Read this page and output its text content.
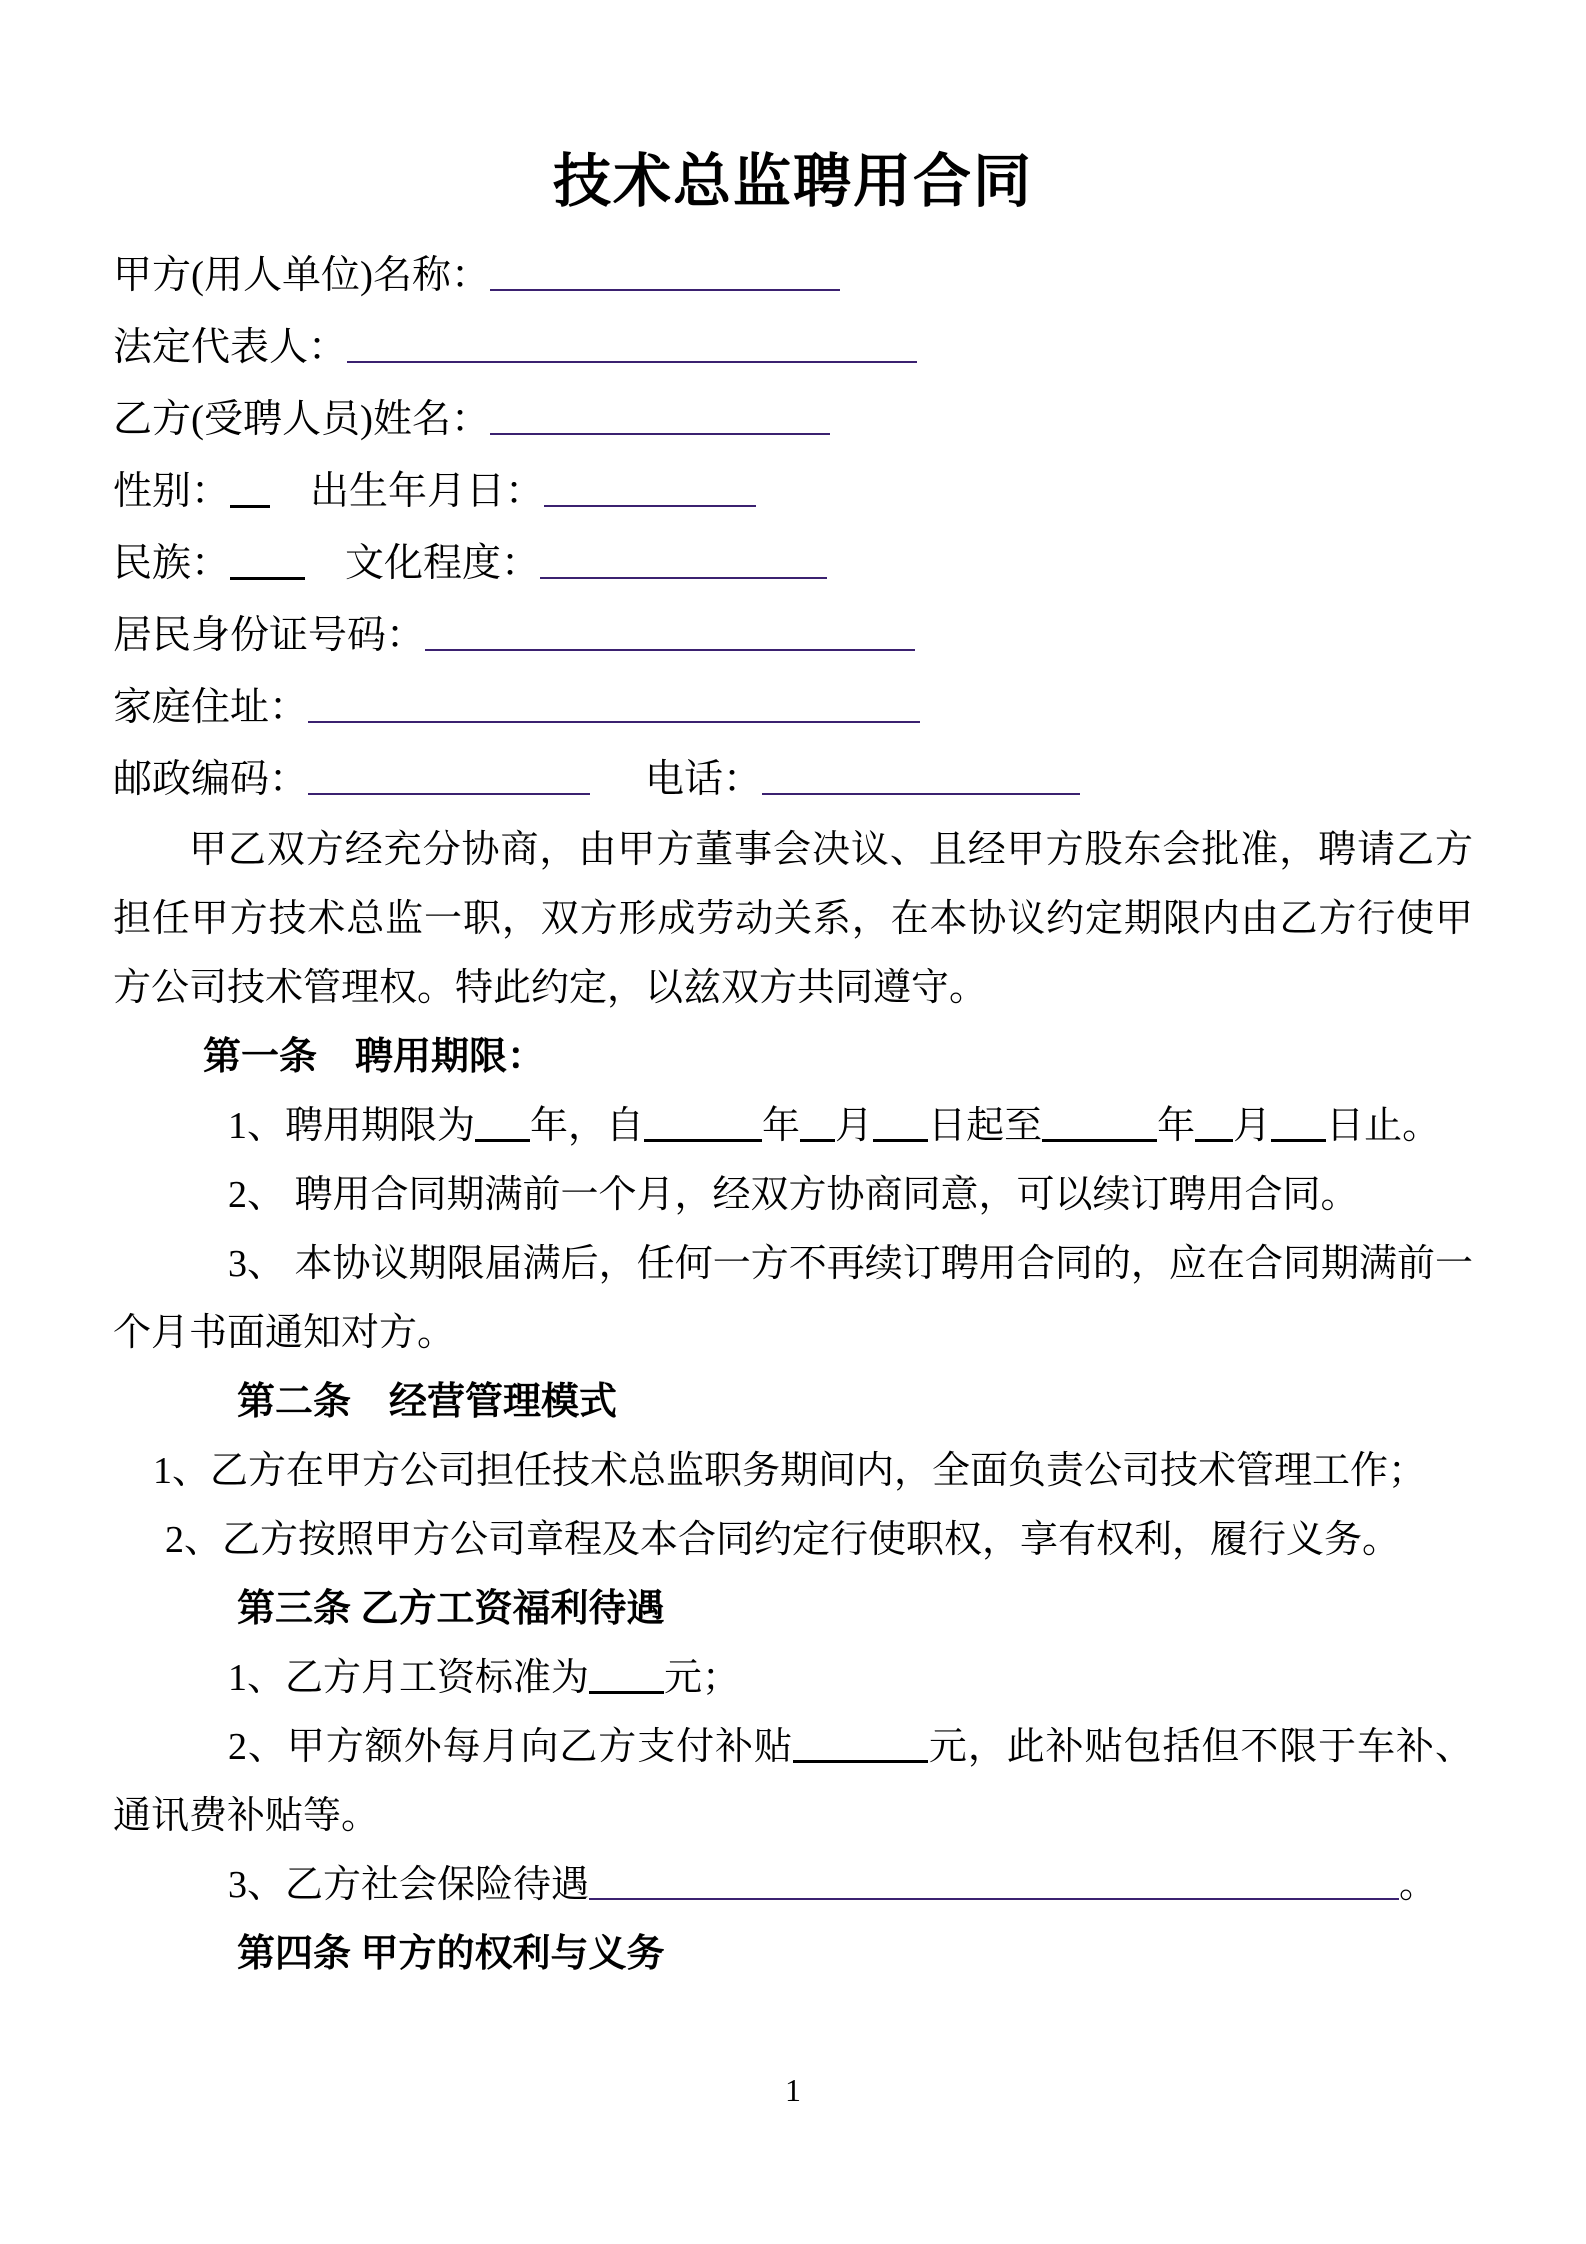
技术总监聘用合同
甲方(用人单位)名称：
法定代表人：
乙方(受聘人员)姓名：
性别： 出生年月日：
民族：	文化程度：
居民身份证号码：
家庭住址：
邮政编码：	电话：

甲乙双方经充分协商，由甲方董事会决议、且经甲方股东会批准，聘请乙方担任甲方技术总监一职，双方形成劳动关系，在本协议约定期限内由乙方行使甲方公司技术管理权。特此约定，以兹双方共同遵守。

第一条　聘用期限：

1、聘用期限为 年，自	年 月 日起至	年 月 日止。

2、 聘用合同期满前一个月，经双方协商同意，可以续订聘用合同。

3、 本协议期限届满后，任何一方不再续订聘用合同的，应在合同期满前一个月书面通知对方。

第二条　经营管理模式

1、乙方在甲方公司担任技术总监职务期间内，全面负责公司技术管理工作；

2、乙方按照甲方公司章程及本合同约定行使职权，享有权利，履行义务。

第三条 乙方工资福利待遇

1、乙方月工资标准为 元；

2、甲方额外每月向乙方支付补贴	元，此补贴包括但不限于车补、通讯费补贴等。

3、乙方社会保险待遇	。

第四条 甲方的权利与义务

1
